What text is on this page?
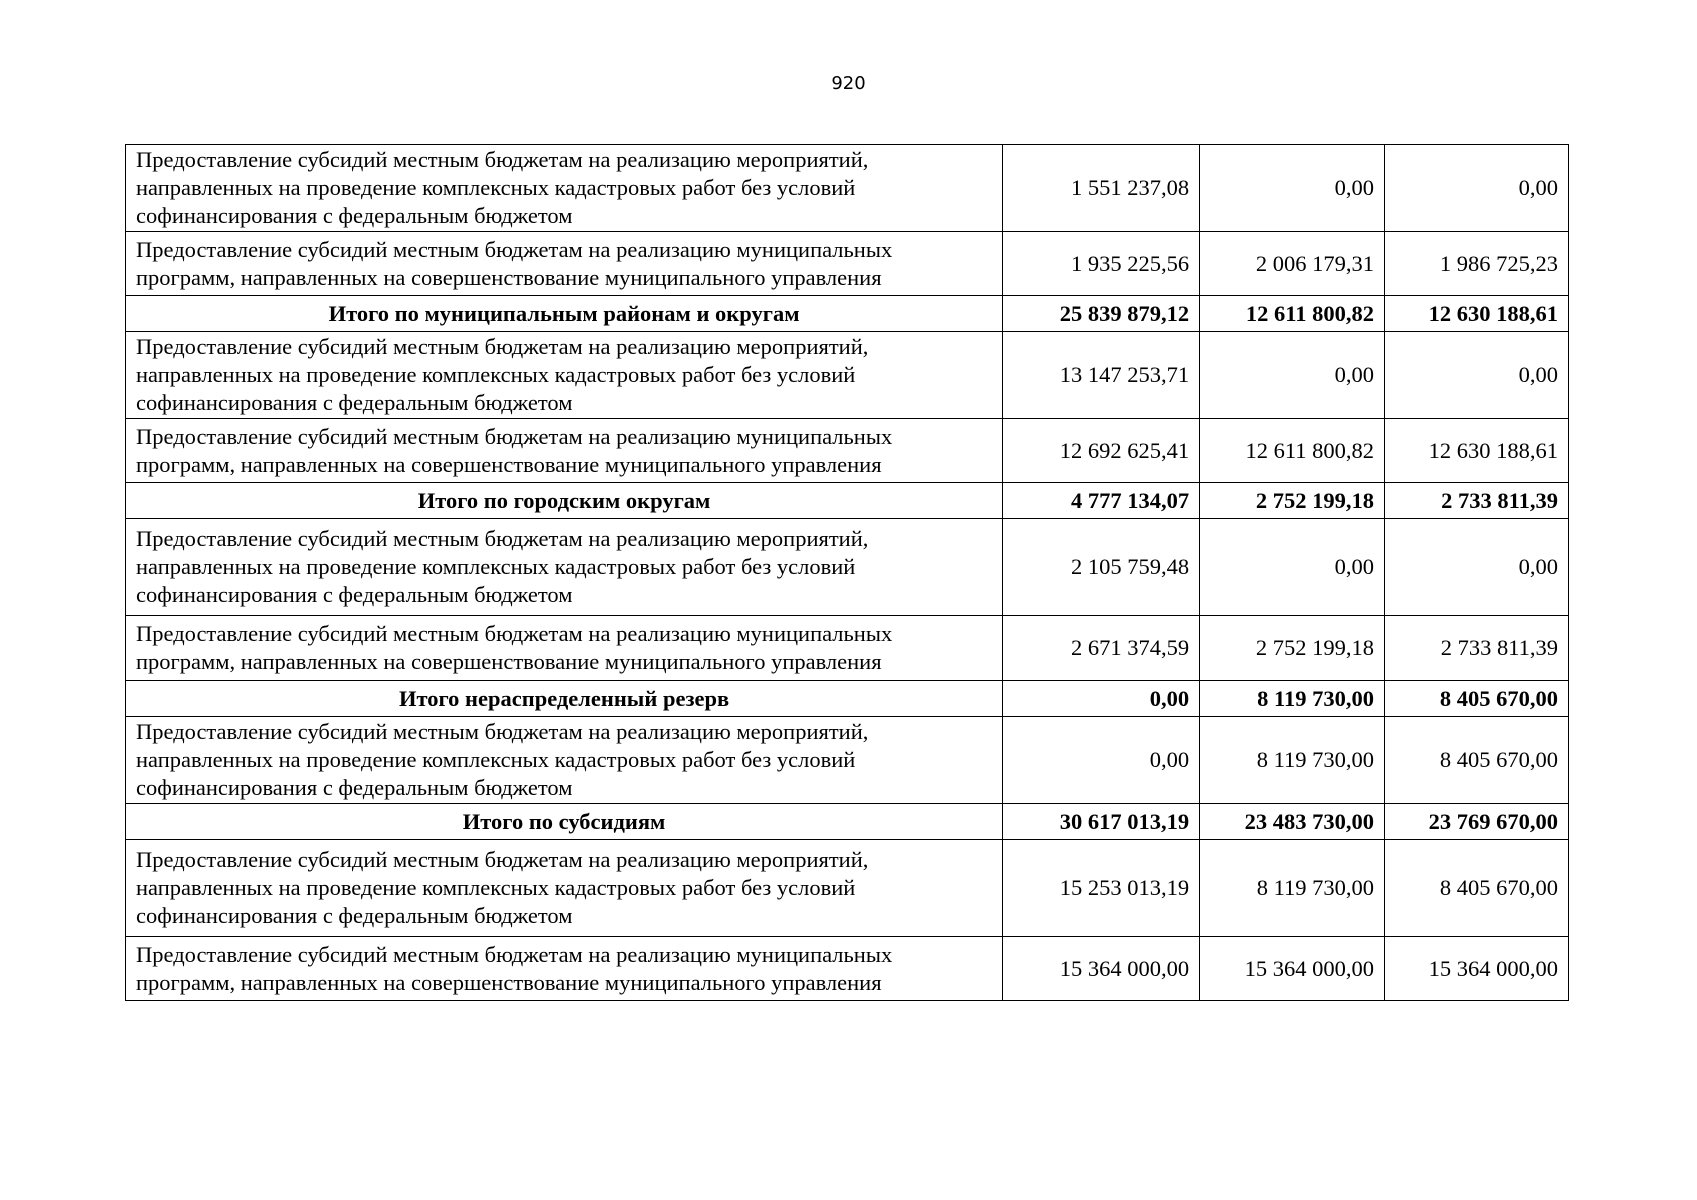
920
Предоставление субсидий местным бюджетам на реализацию мероприятий, направленных на проведение комплексных кадастровых работ без условий софинансирования с федеральным бюджетом	1 551 237,08	0,00	0,00
Предоставление субсидий местным бюджетам на реализацию муниципальных программ, направленных на совершенствование муниципального управления	1 935 225,56	2 006 179,31	1 986 725,23
Итого по муниципальным районам и округам	25 839 879,12	12 611 800,82	12 630 188,61
Предоставление субсидий местным бюджетам на реализацию мероприятий, направленных на проведение комплексных кадастровых работ без условий софинансирования с федеральным бюджетом	13 147 253,71	0,00	0,00
Предоставление субсидий местным бюджетам на реализацию муниципальных программ, направленных на совершенствование муниципального управления	12 692 625,41	12 611 800,82	12 630 188,61
Итого по городским округам	4 777 134,07	2 752 199,18	2 733 811,39
Предоставление субсидий местным бюджетам на реализацию мероприятий, направленных на проведение комплексных кадастровых работ без условий софинансирования с федеральным бюджетом	2 105 759,48	0,00	0,00
Предоставление субсидий местным бюджетам на реализацию муниципальных программ, направленных на совершенствование муниципального управления	2 671 374,59	2 752 199,18	2 733 811,39
Итого нераспределенный резерв	0,00	8 119 730,00	8 405 670,00
Предоставление субсидий местным бюджетам на реализацию мероприятий, направленных на проведение комплексных кадастровых работ без условий софинансирования с федеральным бюджетом	0,00	8 119 730,00	8 405 670,00
Итого по субсидиям	30 617 013,19	23 483 730,00	23 769 670,00
Предоставление субсидий местным бюджетам на реализацию мероприятий, направленных на проведение комплексных кадастровых работ без условий софинансирования с федеральным бюджетом	15 253 013,19	8 119 730,00	8 405 670,00
Предоставление субсидий местным бюджетам на реализацию муниципальных программ, направленных на совершенствование муниципального управления	15 364 000,00	15 364 000,00	15 364 000,00
